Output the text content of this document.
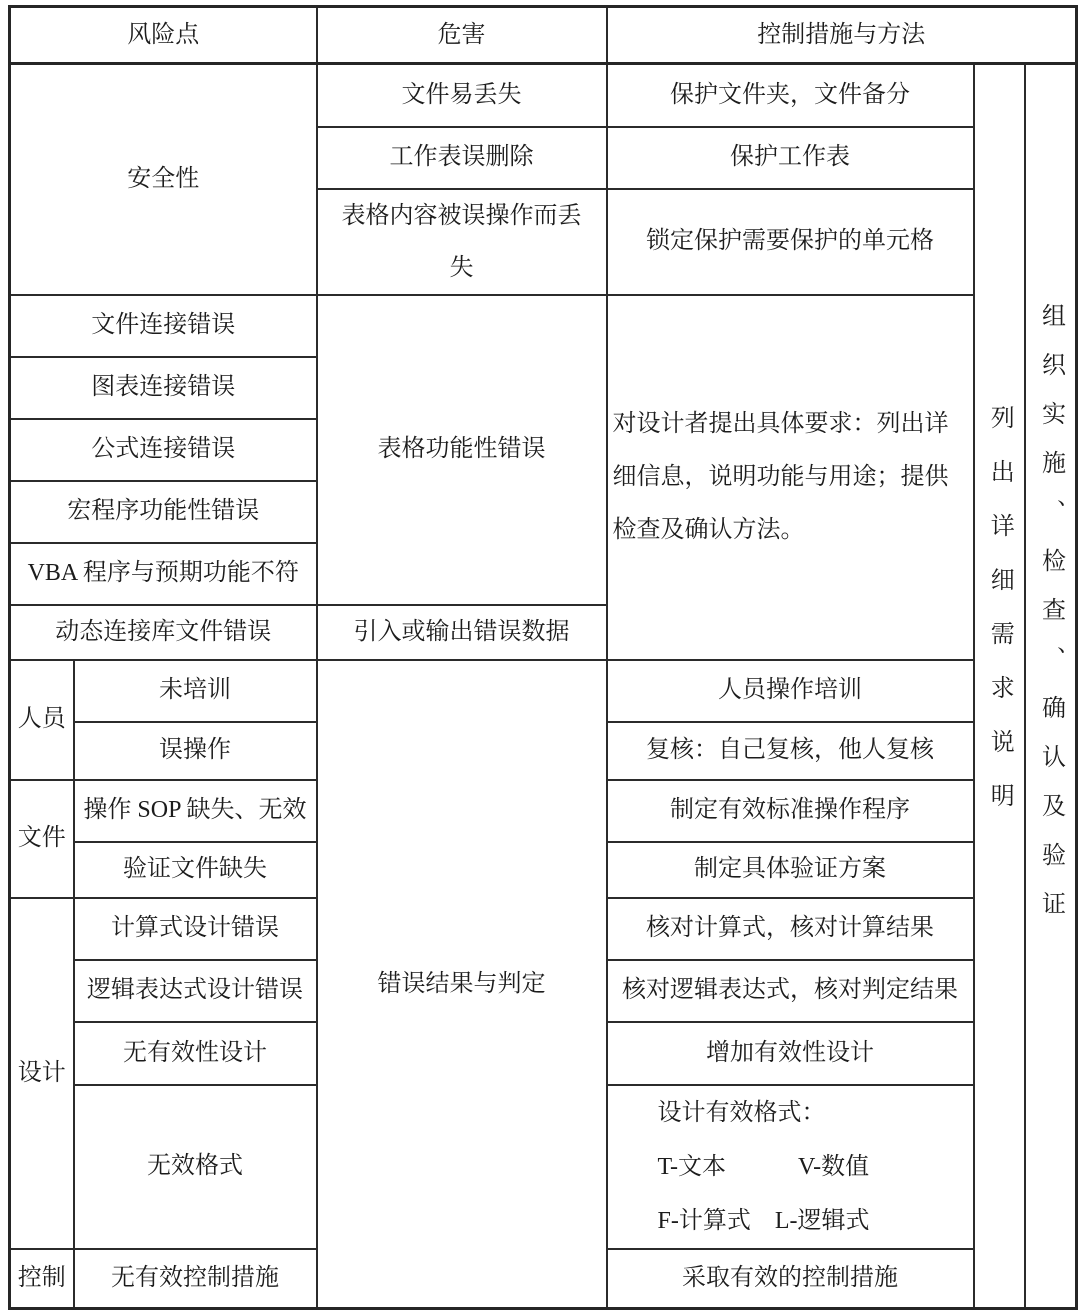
风险点		危害	控制措施与方法		
安全性		文件易丢失	保护文件夹，文件备分	列出详细需求说明	组织实施、检查、确认及验证
		工作表误删除	保护工作表		
		表格内容被误操作而丢失	锁定保护需要保护的单元格		
文件连接错误		表格功能性错误	对设计者提出具体要求：列出详细信息，说明功能与用途；提供检查及确认方法。		
图表连接错误					
公式连接错误					
宏程序功能性错误					
VBA 程序与预期功能不符					
动态连接库文件错误		引入或输出错误数据			
人员	未培训	错误结果与判定	人员操作培训		
	误操作		复核：自己复核，他人复核		
文件	操作 SOP 缺失、无效		制定有效标准操作程序		
	验证文件缺失		制定具体验证方案		
设计	计算式设计错误		核对计算式，核对计算结果		
	逻辑表达式设计错误		核对逻辑表达式，核对判定结果		
	无有效性设计		增加有效性设计		
	无效格式		设计有效格式：
T-文本　　　V-数值
F-计算式　L-逻辑式		

控制	无有效控制措施		采取有效的控制措施		
